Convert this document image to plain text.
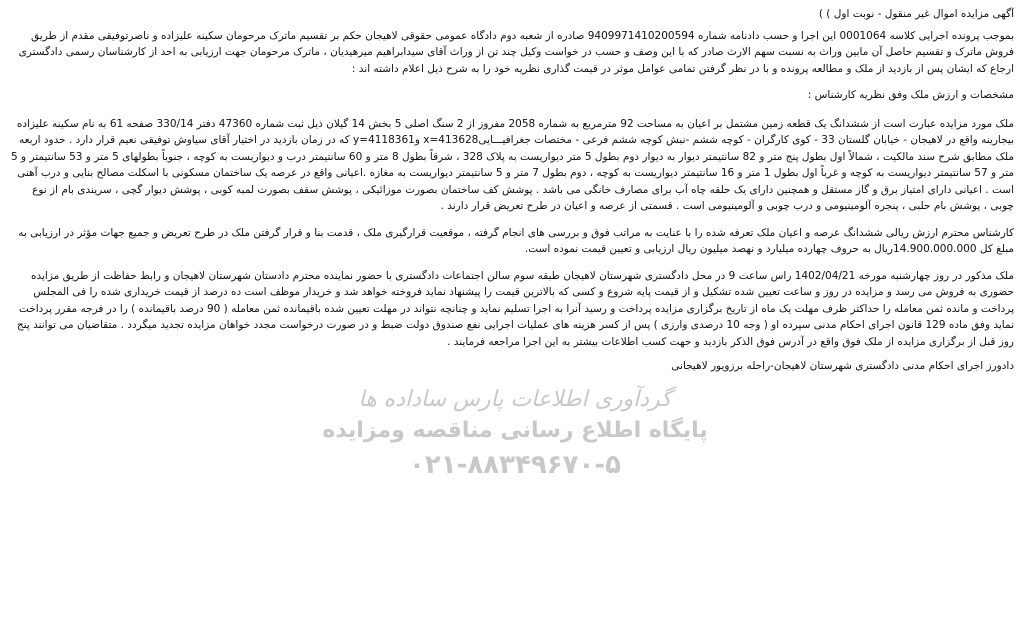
گردآوری اطلاعات پارس ساداده ها
پایگاه اطلاع رسانی مناقصه ومزایده
۰۲۱-۸۸۳۴۹۶۷۰-۵

آگهی مزایده اموال غیر منقول - نوبت اول ) )

بموجب پرونده اجرایی کلاسه 0001064 این اجرا و حسب دادنامه شماره 9409971410200594 صادره از شعبه دوم دادگاه عمومی حقوقی لاهیجان حکم بر تقسیم ماترک مرحومان سکینه علیزاده و ناصرتوفیقی مقدم از طریق فروش ماترک و تقسیم حاصل آن مابین وراث به نسبت سهم الارث صادر که با این وصف و حسب در خواست وکیل چند تن از وراث آقای سیدابراهیم میرهیدیان ، ماترک مرحومان جهت ارزیابی به احد از کارشناسان رسمی دادگستری ارجاع که ایشان پس از بازدید از ملک و مطالعه پرونده و با در نظر گرفتن تمامی عوامل موثر در قیمت گذاری نظریه خود را به شرح ذیل اعلام داشته اند :

مشخصات و ارزش ملک وفق نظریه کارشناس :

ملک مورد مزایده عبارت است از ششدانگ یک قطعه زمین مشتمل بر اعیان به مساحت 92 مترمربع به شماره 2058 مفروز از 2 سنگ اصلی 5 بخش 14 گیلان ذیل ثبت شماره 47360 دفتر 330/14 صفحه 61 به نام سکینه علیزاده بیجارینه واقع در لاهیجان - خیابان گلستان 33 - کوی کارگران - کوچه ششم -نبش کوچه ششم فرعی - مختصات جغرافیـــایی413628=x و4118361=y که در زمان بازدید در اختیار آقای سیاوش توفیقی نعیم قرار دارد . حدود اربعه ملک مطابق شرح سند مالکیت ، شمالاً اول بطول پنج متر و 82 سانتیمتر دیوار به دیوار دوم بطول 5 متر دیواریست به پلاک 328 ، شرقاً بطول 8 متر و 60 سانتیمتر درب و دیواریست به کوچه ، جنوباً بطولهای 5 متر و 53 سانتیمتر و 5 متر و 57 سانتیمتر دیواریست به کوچه و غرباً اول بطول 1 متر و 16 سانتیمتر دیواریست به کوچه ، دوم بطول 7 متر و 5 سانتیمتر دیواریست به مغازه .اعیانی واقع در عرصه یک ساختمان مسکونی با اسکلت مصالح بنایی و درب آهنی است . اعیانی دارای امتیاز برق و گاز مستقل و همچنین دارای یک حلقه چاه آب برای مصارف خانگی می باشد . پوشش کف ساختمان بصورت موزائیکی ، پوشش سقف بصورت لمبه کوبی ، پوشش دیوار گچی ، سریندی بام از نوع چوبی ، پوشش بام حلبی ، پنجره آلومینیومی و درب چوبی و آلومینیومی است . قسمتی از عرصه و اعیان در طرح تعریض قرار دارند .

کارشناس محترم ارزش ریالی ششدانگ عرصه و اعیان ملک تعرفه شده را با عنایت به مراتب فوق و بررسی های انجام گرفته ، موقعیت قرارگیری ملک ، قدمت بنا و قرار گرفتن ملک در طرح تعریض و جمیع جهات مؤثر در ارزیابی به مبلغ کل 14.900.000.000ریال به حروف چهارده میلیارد و نهصد میلیون ریال ارزیابی و تعیین قیمت نموده است.

ملک مذکور در روز چهارشنبه مورخه 1402/04/21 راس ساعت 9 در محل دادگستری شهرستان لاهیجان طبقه سوم سالن اجتماعات دادگستری با حضور نماینده محترم دادستان شهرستان لاهیجان و رابط حفاظت از طریق مزایده حضوری به فروش می رسد و مزایده در روز و ساعت تعیین شده تشکیل و از قیمت پایه شروع و کسی که بالاترین قیمت را پیشنهاد نماید فروخته خواهد شد و خریدار موظف است ده درصد از قیمت خریداری شده را فی المجلس پرداخت و مانده ثمن معامله را حداکثر ظرف مهلت یک ماه از تاریخ برگزاری مزایده پرداخت و رسید آنرا به اجرا تسلیم نماید و چنانچه نتواند در مهلت تعیین شده باقیمانده ثمن معامله ( 90 درصد باقیمانده ) را در فرجه مقرر پرداخت نماید وفق ماده 129 قانون اجرای احکام مدنی سپرده او ( وجه 10 درصدی وارزی ) پس از کسر هزینه های عملیات اجرایی نفع صندوق دولت ضبط و در صورت درخواست مجدد خواهان مزایده تجدید میگردد . متقاضیان می توانند پنج روز قبل از برگزاری مزایده از ملک فوق واقع در آدرس فوق الذکر بازدید و جهت کسب اطلاعات بیشتر به این اجرا مراجعه فرمایند .

دادورز اجرای احکام مدنی دادگستری شهرستان لاهیجان-راحله برزویور لاهیجانی
